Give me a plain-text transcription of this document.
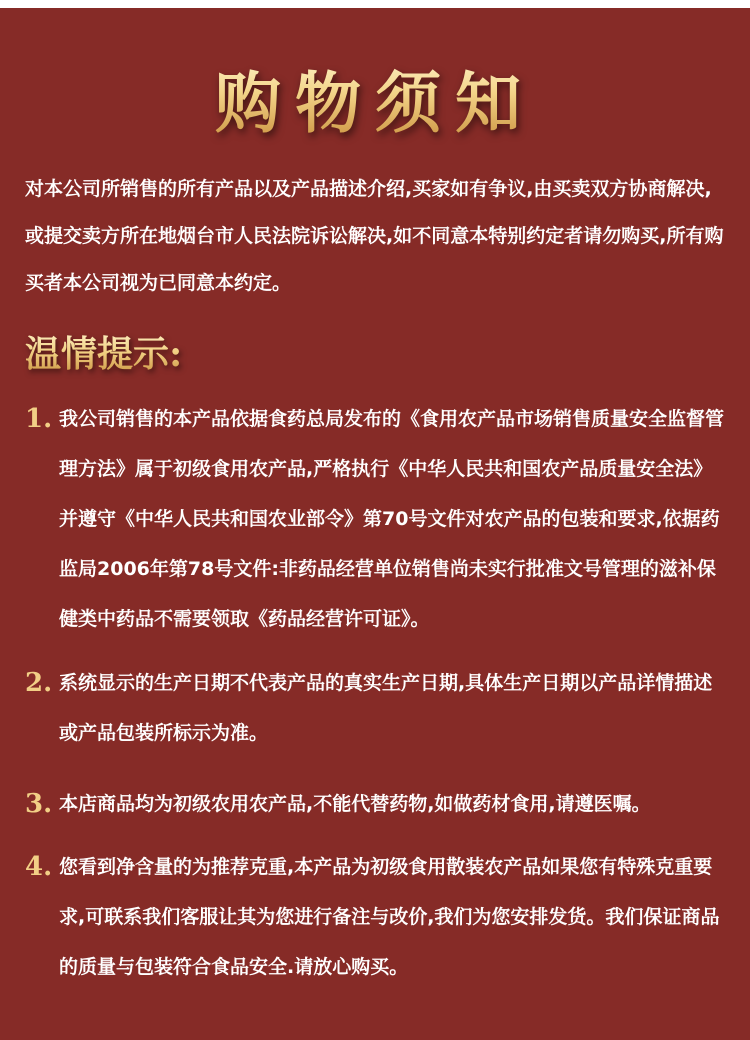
购物须知
对本公司所销售的所有产品以及产品描述介绍,买家如有争议,由买卖双方协商解决,或提交卖方所在地烟台市人民法院诉讼解决,如不同意本特别约定者请勿购买,所有购买者本公司视为已同意本约定。
温情提示:
1. 我公司销售的本产品依据食药总局发布的《食用农产品市场销售质量安全监督管理方法》属于初级食用农产品,严格执行《中华人民共和国农产品质量安全法》并遵守《中华人民共和国农业部令》第70号文件对农产品的包装和要求,依据药监局2006年第78号文件:非药品经营单位销售尚未实行批准文号管理的滋补保健类中药品不需要领取《药品经营许可证》。
2. 系统显示的生产日期不代表产品的真实生产日期,具体生产日期以产品详情描述或产品包装所标示为准。
3. 本店商品均为初级农用农产品,不能代替药物,如做药材食用,请遵医嘱。
4. 您看到净含量的为推荐克重,本产品为初级食用散装农产品如果您有特殊克重要求,可联系我们客服让其为您进行备注与改价,我们为您安排发货。我们保证商品的质量与包装符合食品安全.请放心购买。
